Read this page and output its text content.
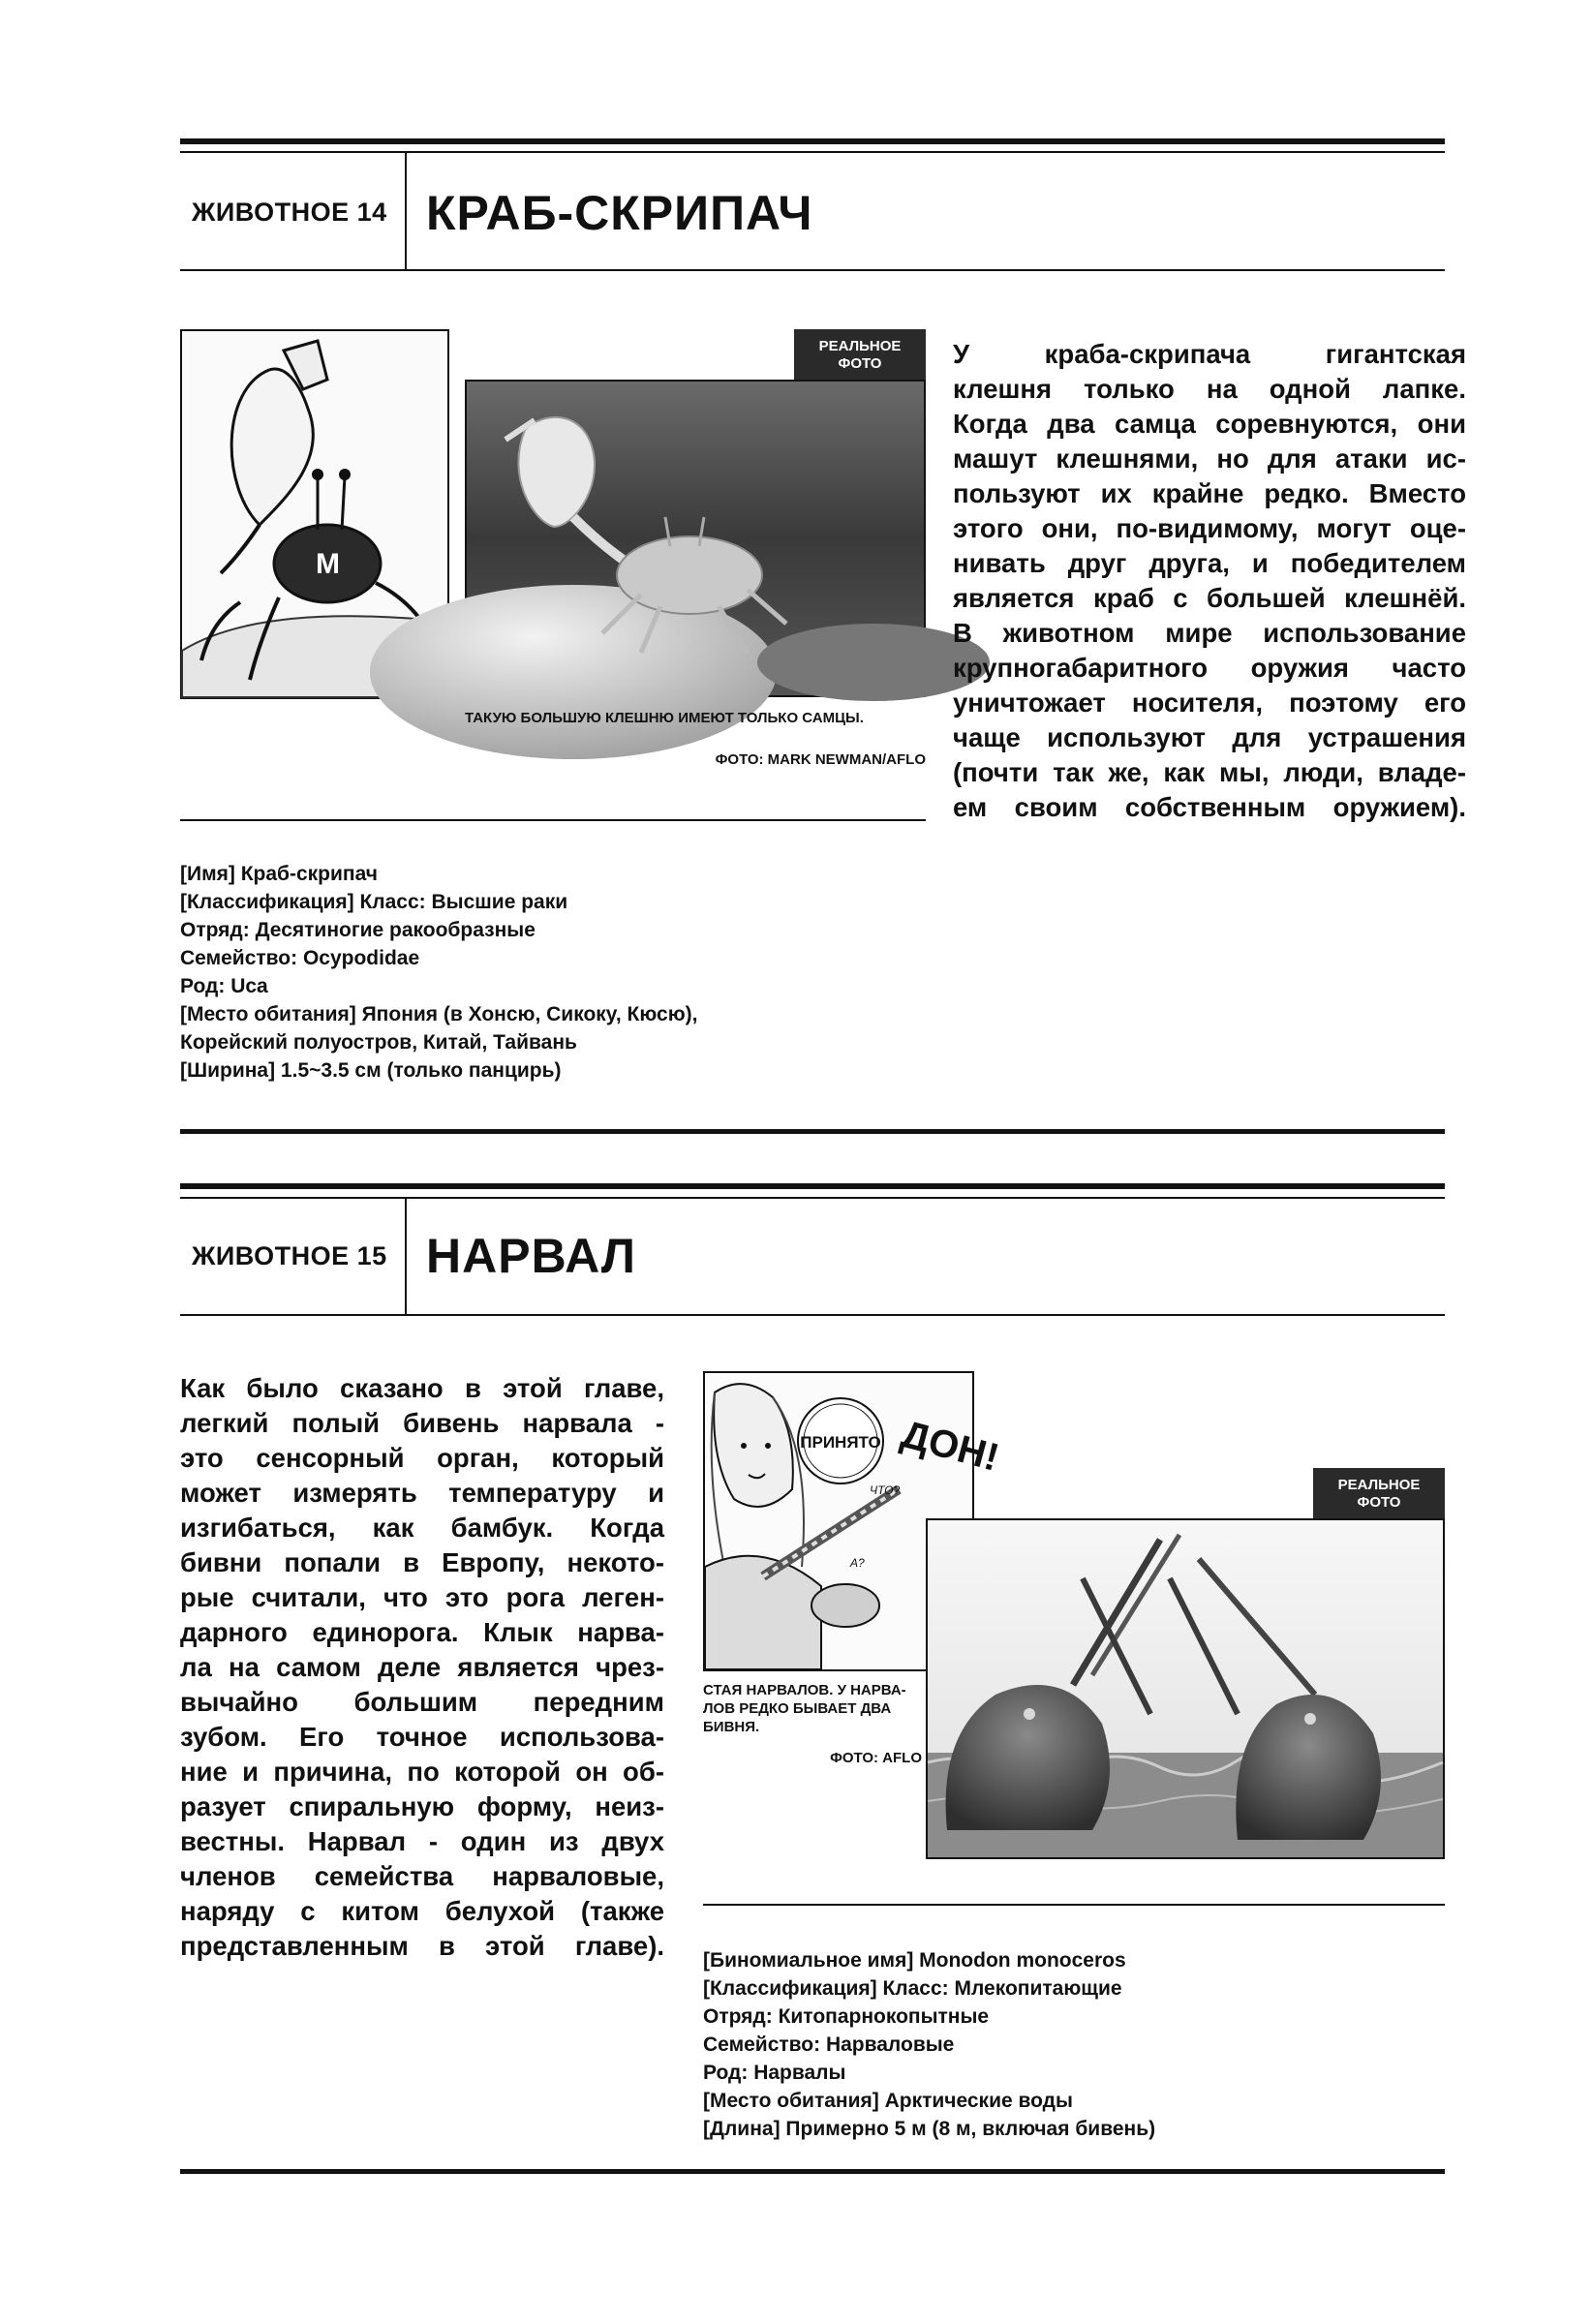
ЖИВОТНОЕ 14 КРАБ-СКРИПАЧ
M
РЕАЛЬНОЕ
ФОТО
ТАКУЮ БОЛЬШУЮ КЛЕШНЮ ИМЕЮТ ТОЛЬКО САМЦЫ.
ФОТО: MARK NEWMAN/AFLO
У краба-скрипача гигантская
клешня только на одной лапке.
Когда два самца соревнуются, они
машут клешнями, но для атаки ис-
пользуют их крайне редко. Вместо
этого они, по-видимому, могут оце-
нивать друг друга, и победителем
является краб с большей клешнёй.
В животном мире использование
крупногабаритного оружия часто
уничтожает носителя, поэтому его
чаще используют для устрашения
(почти так же, как мы, люди, владе-
ем своим собственным оружием).
[Имя] Краб-скрипач
[Классификация] Класс: Высшие раки
Отряд: Десятиногие ракообразные
Семейство: Ocypodidae
Род: Uca
[Место обитания] Япония (в Хонсю, Сикоку, Кюсю),
Корейский полуостров, Китай, Тайвань
[Ширина] 1.5~3.5 см (только панцирь)
ЖИВОТНОЕ 15 НАРВАЛ
Как было сказано в этой главе,
легкий полый бивень нарвала -
это сенсорный орган, который
может измерять температуру и
изгибаться, как бамбук. Когда
бивни попали в Европу, некото-
рые считали, что это рога леген-
дарного единорога. Клык нарва-
ла на самом деле является чрез-
вычайно большим передним
зубом. Его точное использова-
ние и причина, по которой он об-
разует спиральную форму, неиз-
вестны. Нарвал - один из двух
членов семейства нарваловые,
наряду с китом белухой (также
представленным в этой главе).
ПРИНЯТО
ЧТО?
А?
ДОН!
РЕАЛЬНОЕ
ФОТО
СТАЯ НАРВАЛОВ. У НАРВА-
ЛОВ РЕДКО БЫВАЕТ ДВА
БИВНЯ.
ФОТО: AFLO
[Биномиальное имя] Monodon monoceros
[Классификация] Класс: Млекопитающие
Отряд: Китопарнокопытные
Семейство: Нарваловые
Род: Нарвалы
[Место обитания] Арктические воды
[Длина] Примерно 5 м (8 м, включая бивень)
